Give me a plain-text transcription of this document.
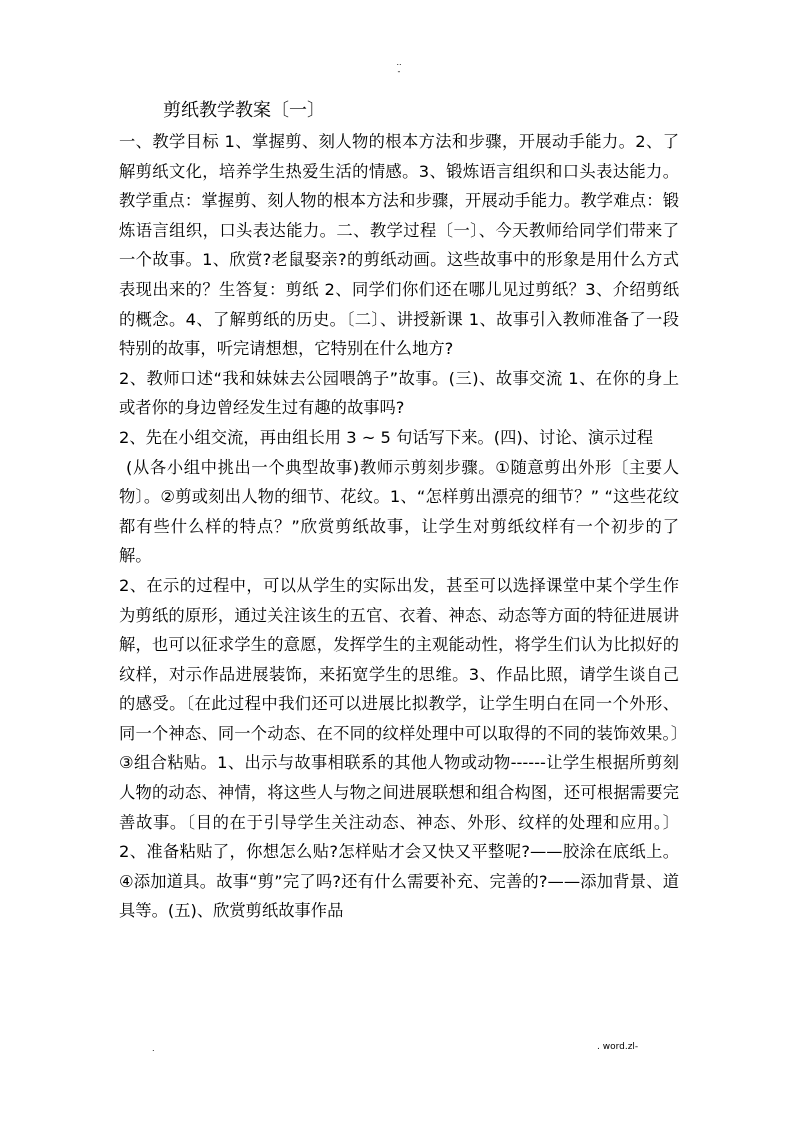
..
-
剪纸教学教案〔一〕

一、教学目标 1、掌握剪、刻人物的根本方法和步骤，开展动手能力。2、了解剪纸文化，培养学生热爱生活的情感。3、锻炼语言组织和口头表达能力。教学重点：掌握剪、刻人物的根本方法和步骤，开展动手能力。教学难点：锻炼语言组织，口头表达能力。二、教学过程〔一〕、今天教师给同学们带来了一个故事。1、欣赏?老鼠娶亲?的剪纸动画。这些故事中的形象是用什么方式表现出来的？生答复：剪纸 2、同学们你们还在哪儿见过剪纸？3、介绍剪纸的概念。4、了解剪纸的历史。〔二〕、讲授新课 1、故事引入教师准备了一段特别的故事，听完请想想，它特别在什么地方?

2、教师口述“我和妹妹去公园喂鸽子”故事。(三)、故事交流 1、在你的身上或者你的身边曾经发生过有趣的故事吗?

2、先在小组交流，再由组长用 3 ~ 5 句话写下来。(四)、讨论、演示过程

(从各小组中挑出一个典型故事)教师示剪刻步骤。①随意剪出外形〔主要人物〕。②剪或刻出人物的细节、花纹。1、“怎样剪出漂亮的细节？” “这些花纹都有些什么样的特点？”欣赏剪纸故事，让学生对剪纸纹样有一个初步的了解。

2、在示的过程中，可以从学生的实际出发，甚至可以选择课堂中某个学生作为剪纸的原形，通过关注该生的五官、衣着、神态、动态等方面的特征进展讲解，也可以征求学生的意愿，发挥学生的主观能动性，将学生们认为比拟好的纹样，对示作品进展装饰，来拓宽学生的思维。3、作品比照，请学生谈自己的感受。〔在此过程中我们还可以进展比拟教学，让学生明白在同一个外形、同一个神态、同一个动态、在不同的纹样处理中可以取得的不同的装饰效果。〕③组合粘贴。1、出示与故事相联系的其他人物或动物------让学生根据所剪刻人物的动态、神情，将这些人与物之间进展联想和组合构图，还可根据需要完善故事。〔目的在于引导学生关注动态、神态、外形、纹样的处理和应用。〕2、准备粘贴了，你想怎么贴?怎样贴才会又快又平整呢?——胶涂在底纸上。④添加道具。故事“剪”完了吗?还有什么需要补充、完善的?——添加背景、道具等。(五)、欣赏剪纸故事作品

.	. word.zl-
